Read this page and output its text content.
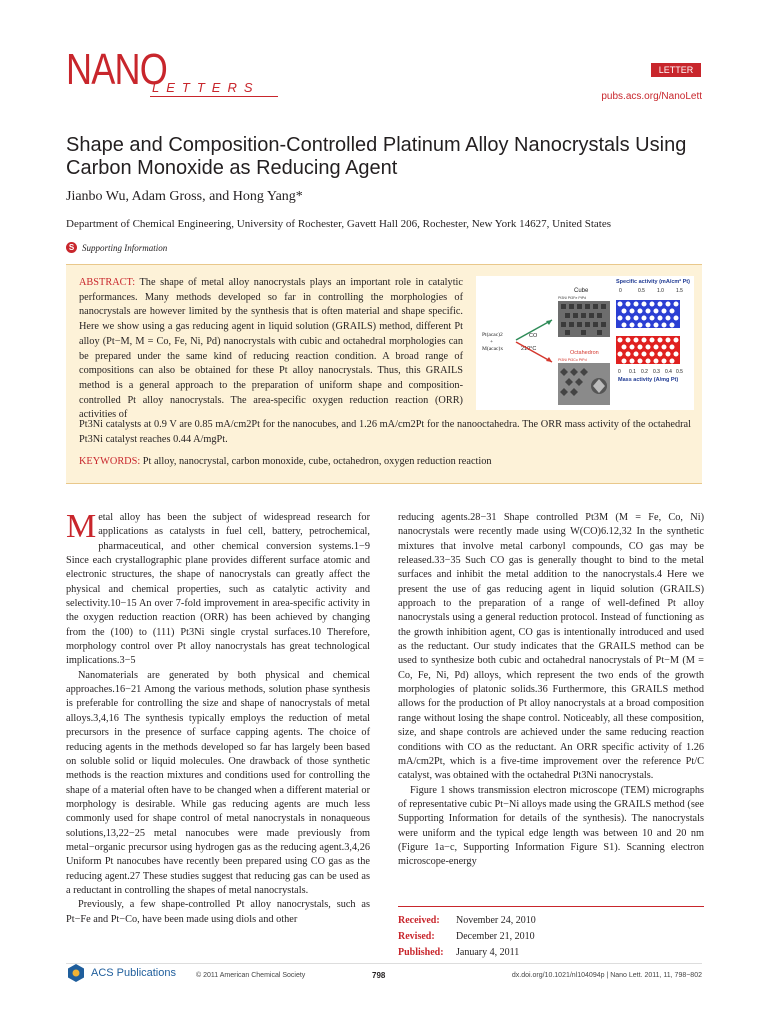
NANO
LETTERS
LETTER
pubs.acs.org/NanoLett
Shape and Composition-Controlled Platinum Alloy Nanocrystals Using Carbon Monoxide as Reducing Agent
Jianbo Wu, Adam Gross, and Hong Yang*
Department of Chemical Engineering, University of Rochester, Gavett Hall 206, Rochester, New York 14627, United States
S Supporting Information
ABSTRACT: The shape of metal alloy nanocrystals plays an important role in catalytic performances. Many methods developed so far in controlling the morphologies of nanocrystals are however limited by the synthesis that is often material and shape specific. Here we show using a gas reducing agent in liquid solution (GRAILS) method, different Pt alloy (Pt−M, M = Co, Fe, Ni, Pd) nanocrystals with cubic and octahedral morphologies can be prepared under the same kind of reducing reaction condition. A broad range of compositions can also be obtained for these Pt alloy nanocrystals. Thus, this GRAILS method is a general approach to the preparation of uniform shape and composition-controlled Pt alloy nanocrystals. The area-specific oxygen reduction reaction (ORR) activities of
Pt3Ni catalysts at 0.9 V are 0.85 mA/cm2Pt for the nanocubes, and 1.26 mA/cm2Pt for the nanooctahedra. The ORR mass activity of the octahedral Pt3Ni catalyst reaches 0.44 A/mgPt.
KEYWORDS: Pt alloy, nanocrystal, carbon monoxide, cube, octahedron, oxygen reduction reaction
Specific activity (mA/cm² Pt)
0	0.5 1.0 1.5
Cube
Pt3Ni Pt3Fe PtPd
Pt(acac)2
+
M(acac)x
CO
210°C
Octahedron
Pt3Ni Pt3Co PtPd
0 0.1 0.2 0.3 0.4 0.5
Mass activity (A/mg Pt)

Metal alloy has been the subject of widespread research for applications as catalysts in fuel cell, battery, petrochemical, pharmaceutical, and other chemical conversion systems.1−9 Since each crystallographic plane provides different surface atomic and electronic structures, the shape of nanocrystals can greatly affect the physical and chemical properties, such as catalytic activity and selectivity.10−15 An over 7-fold improvement in area-specific activity in the oxygen reduction reaction (ORR) has been achieved by changing from the (100) to (111) Pt3Ni single crystal surfaces.10 Therefore, morphology control over Pt alloy nanocrystals has great technological implications.3−5

Nanomaterials are generated by both physical and chemical approaches.16−21 Among the various methods, solution phase synthesis is preferable for controlling the size and shape of nanocrystals of metal alloys.3,4,16 The synthesis typically employs the reduction of metal precursors in the presence of surface capping agents. The choice of reducing agents in the methods developed so far has largely been based on soluble solid or liquid molecules. One drawback of those synthetic methods is the reaction mixtures and conditions used for controlling the shape of a material often have to be changed when a different material or morphology is desirable. While gas reducing agents are much less commonly used for shape control of metal nanocrystals in nonaqueous solutions,13,22−25 metal nanocubes were made previously from metal−organic precursor using hydrogen gas as the reducing agent.3,4,26 Uniform Pt nanocubes have recently been prepared using CO gas as the reducing agent.27 These studies suggest that reducing gas can be used as a reductant in controlling the shapes of metal nanocrystals.

Previously, a few shape-controlled Pt alloy nanocrystals, such as Pt−Fe and Pt−Co, have been made using diols and other

reducing agents.28−31 Shape controlled Pt3M (M = Fe, Co, Ni) nanocrystals were recently made using W(CO)6.12,32 In the synthetic mixtures that involve metal carbonyl compounds, CO gas may be released.33−35 Such CO gas is generally thought to bind to the metal surfaces and inhibit the metal addition to the nanocrystals.4 Here we present the use of gas reducing agent in liquid solution (GRAILS) approach to the preparation of a range of well-defined Pt alloy nanocrystals using a general reduction protocol. Instead of functioning as the growth inhibition agent, CO gas is intentionally introduced and used as the reductant. Our study indicates that the GRAILS method can be used to synthesize both cubic and octahedral nanocrystals of Pt−M (M = Co, Fe, Ni, Pd) alloys, which represent the two ends of the growth morphologies of platonic solids.36 Furthermore, this GRAILS method allows for the production of Pt alloy nanocrystals at a broad composition range without losing the shape control. Noticeably, all these composition, size, and shape controls are achieved under the same reducing reaction conditions with CO as the reductant. An ORR specific activity of 1.26 mA/cm2Pt, which is a five-time improvement over the reference Pt/C catalyst, was obtained with the octahedral Pt3Ni nanocrystals.

Figure 1 shows transmission electron microscope (TEM) micrographs of representative cubic Pt−Ni alloys made using the GRAILS method (see Supporting Information for details of the synthesis). The nanocrystals were uniform and the typical edge length was between 10 and 20 nm (Figure 1a−c, Supporting Information Figure S1). Scanning electron microscope-energy

Received: November 24, 2010
Revised: December 21, 2010
Published: January 4, 2011
ACS Publications	© 2011 American Chemical Society	798	dx.doi.org/10.1021/nl104094p | Nano Lett. 2011, 11, 798−802
